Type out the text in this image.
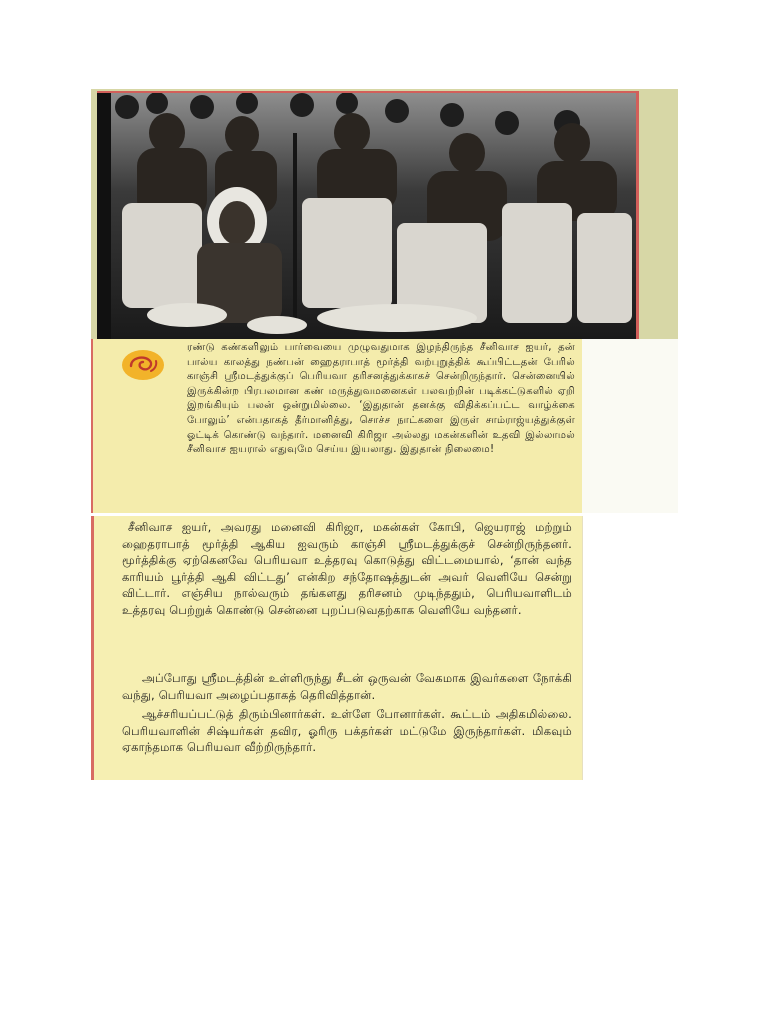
ரண்டு கண்களிலும் பார்வையை முழுவதுமாக இழந்திருந்த சீனிவாச ஐயர், தன் பால்ய காலத்து நண்பன் ஹைதராபாத் மூர்த்தி வற்புறுத்திக் கூப்பிட்டதன் பேரில் காஞ்சி ஸ்ரீமடத்துக்குப் பெரியவா தரிசனத்துக்காகச் சென்றிருந்தார். சென்னையில் இருக்கின்ற பிரபலமான கண் மருத்துவமனைகள் பலவற்றின் படிக்கட்டுகளில் ஏறி இறங்கியும் பலன் ஒன்றுமில்லை. ‘இதுதான் தனக்கு விதிக்கப்பட்ட வாழ்க்கை போலும்’ என்பதாகத் தீர்மானித்து, சொச்ச நாட்களை இருள் சாம்ராஜ்யத்துக்குள் ஓட்டிக் கொண்டு வந்தார். மனைவி கிரிஜா அல்லது மகன்களின் உதவி இல்லாமல் சீனிவாச ஐயரால் எதுவுமே செய்ய இயலாது. இதுதான் நிலைமை!

சீனிவாச ஐயர், அவரது மனைவி கிரிஜா, மகன்கள் கோபி, ஜெயராஜ் மற்றும் ஹைதராபாத் மூர்த்தி ஆகிய ஐவரும் காஞ்சி ஸ்ரீமடத்துக்குச் சென்றிருந்தனர். மூர்த்திக்கு ஏற்கெனவே பெரியவா உத்தரவு கொடுத்து விட்டமையால், ‘தான் வந்த காரியம் பூர்த்தி ஆகி விட்டது’ என்கிற சந்தோஷத்துடன் அவர் வெளியே சென்று விட்டார். எஞ்சிய நால்வரும் தங்களது தரிசனம் முடிந்ததும், பெரியவாளிடம் உத்தரவு பெற்றுக் கொண்டு சென்னை புறப்படுவதற்காக வெளியே வந்தனர்.

அப்போது ஸ்ரீமடத்தின் உள்ளிருந்து சீடன் ஒருவன் வேகமாக இவர்களை நோக்கி வந்து, பெரியவா அழைப்பதாகத் தெரிவித்தான்.

ஆச்சரியப்பட்டுத் திரும்பினார்கள். உள்ளே போனார்கள். கூட்டம் அதிகமில்லை. பெரியவாளின் சிஷ்யர்கள் தவிர, ஓரிரு பக்தர்கள் மட்டுமே இருந்தார்கள். மிகவும் ஏகாந்தமாக பெரியவா வீற்றிருந்தார்.
